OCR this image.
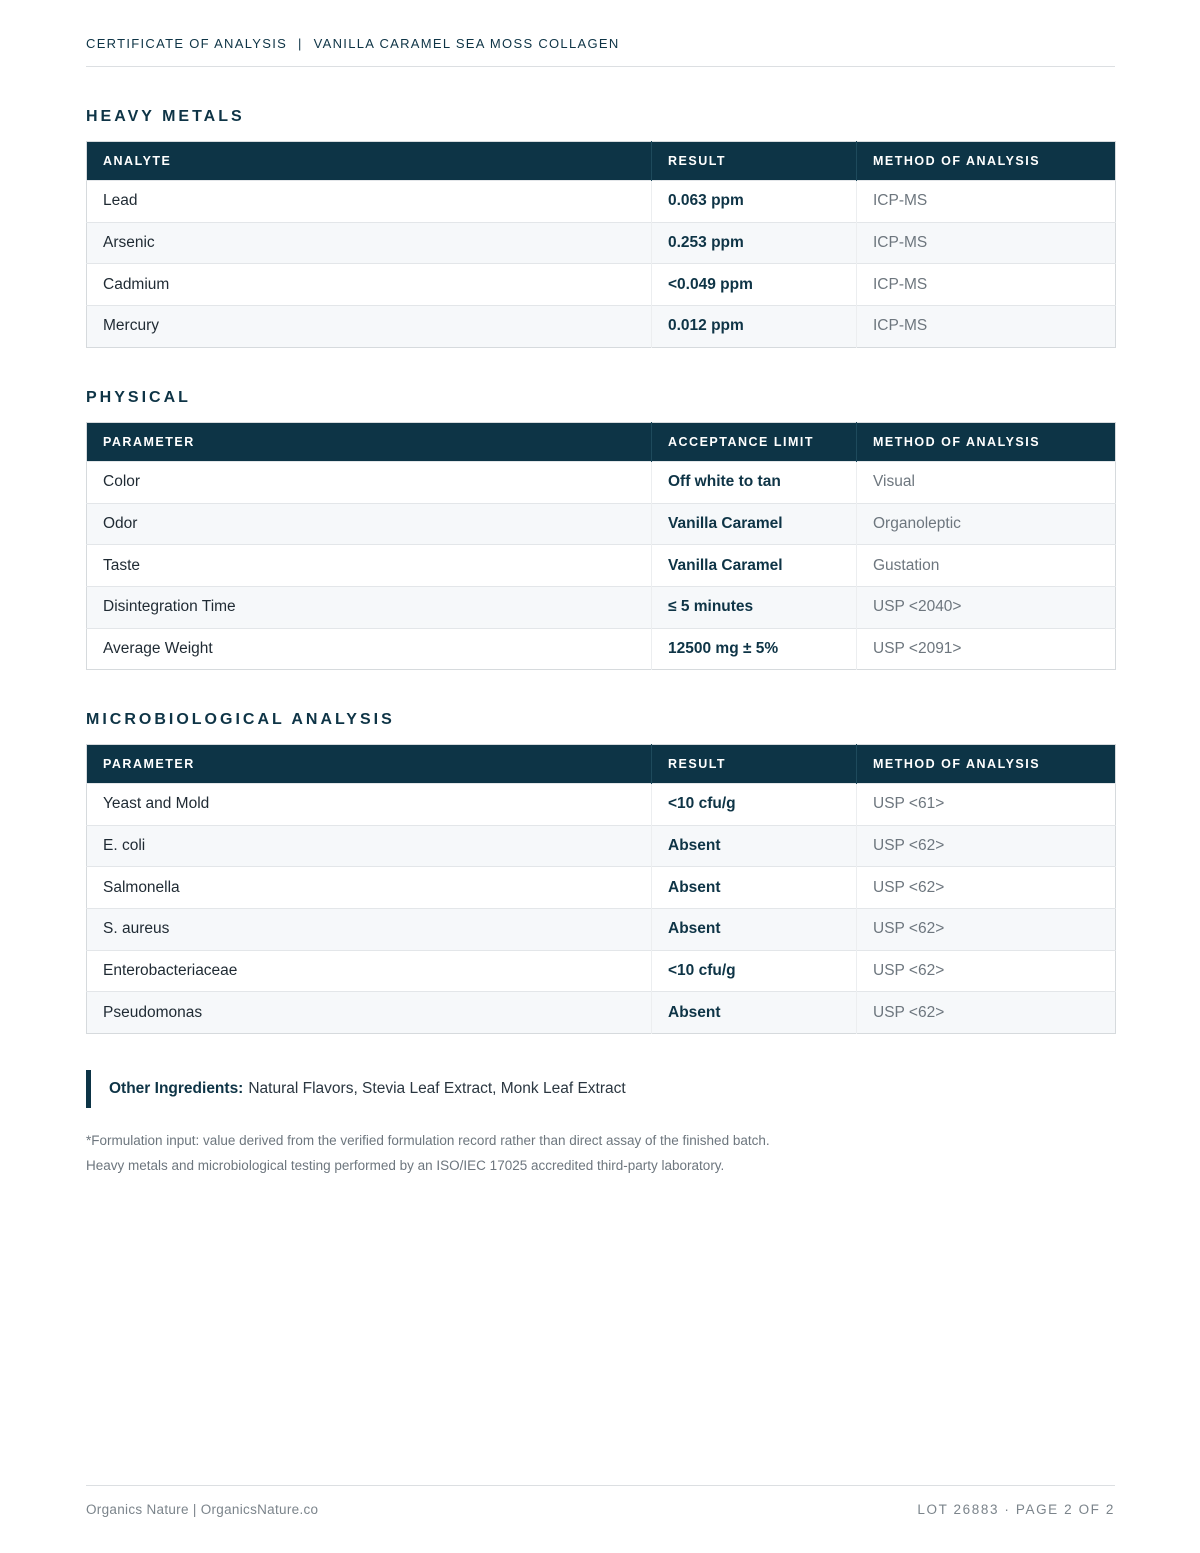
CERTIFICATE OF ANALYSIS | VANILLA CARAMEL SEA MOSS COLLAGEN
HEAVY METALS
ANALYTE	RESULT	METHOD OF ANALYSIS
Lead	0.063 ppm	ICP-MS
Arsenic	0.253 ppm	ICP-MS
Cadmium	<0.049 ppm	ICP-MS
Mercury	0.012 ppm	ICP-MS
PHYSICAL
PARAMETER	ACCEPTANCE LIMIT	METHOD OF ANALYSIS
Color	Off white to tan	Visual
Odor	Vanilla Caramel	Organoleptic
Taste	Vanilla Caramel	Gustation
Disintegration Time	≤ 5 minutes	USP <2040>
Average Weight	12500 mg ± 5%	USP <2091>
MICROBIOLOGICAL ANALYSIS
PARAMETER	RESULT	METHOD OF ANALYSIS
Yeast and Mold	<10 cfu/g	USP <61>
E. coli	Absent	USP <62>
Salmonella	Absent	USP <62>
S. aureus	Absent	USP <62>
Enterobacteriaceae	<10 cfu/g	USP <62>
Pseudomonas	Absent	USP <62>
Other Ingredients: Natural Flavors, Stevia Leaf Extract, Monk Leaf Extract
*Formulation input: value derived from the verified formulation record rather than direct assay of the finished batch.
Heavy metals and microbiological testing performed by an ISO/IEC 17025 accredited third-party laboratory.
Organics Nature | OrganicsNature.co	LOT 26883 · PAGE 2 OF 2
